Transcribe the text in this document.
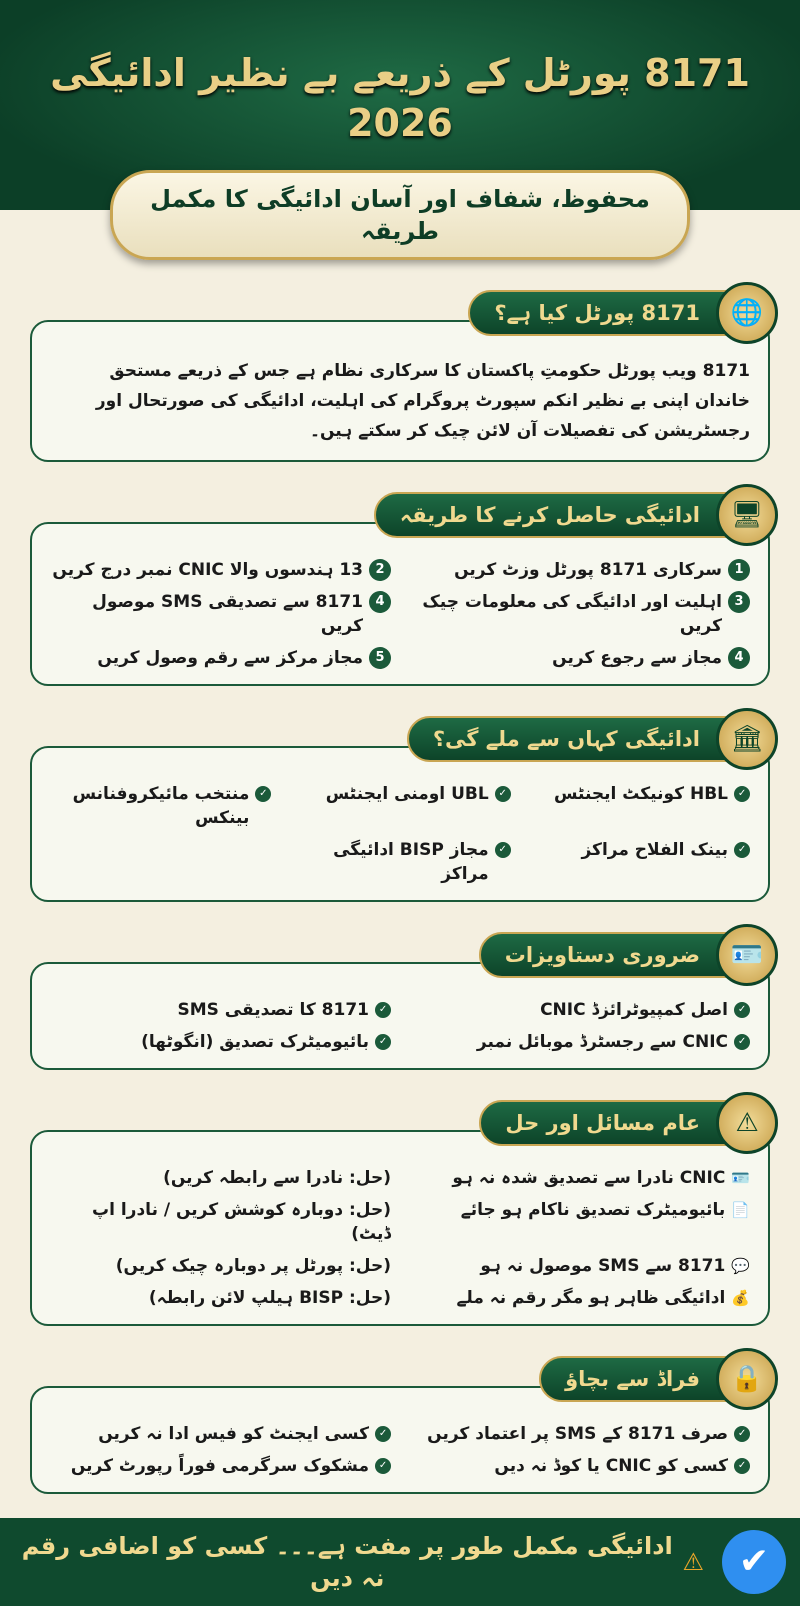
8171 پورٹل کے ذریعے بے نظیر ادائیگی 2026
محفوظ، شفاف اور آسان ادائیگی کا مکمل طریقہ
8171 پورٹل کیا ہے؟	🌐
8171 ویب پورٹل حکومتِ پاکستان کا سرکاری نظام ہے جس کے ذریعے مستحق خاندان اپنی بے نظیر انکم سپورٹ پروگرام کی اہلیت، ادائیگی کی صورتحال اور رجسٹریشن کی تفصیلات آن لائن چیک کر سکتے ہیں۔
ادائیگی حاصل کرنے کا طریقہ	🖥
1
سرکاری 8171 پورٹل وزٹ کریں
2
13 ہندسوں والا CNIC نمبر درج کریں
3
اہلیت اور ادائیگی کی معلومات چیک کریں
4
8171 سے تصدیقی SMS موصول کریں
4
مجاز سے رجوع کریں
5
مجاز مرکز سے رقم وصول کریں
ادائیگی کہاں سے ملے گی؟	🏛
✓
HBL کونیکٹ ایجنٹس
✓
UBL اومنی ایجنٹس
✓
منتخب مائیکروفنانس بینکس
✓
بینک الفلاح مراکز
✓
مجاز BISP ادائیگی مراکز
ضروری دستاویزات	🪪
✓
اصل کمپیوٹرائزڈ CNIC
✓
8171 کا تصدیقی SMS
✓
CNIC سے رجسٹرڈ موبائل نمبر
✓
بائیومیٹرک تصدیق (انگوٹھا)
عام مسائل اور حل	⚠
🪪
CNIC نادرا سے تصدیق شدہ نہ ہو
(حل: نادرا سے رابطہ کریں)
📄
بائیومیٹرک تصدیق ناکام ہو جائے
(حل: دوبارہ کوشش کریں / نادرا اپ ڈیٹ)
💬
8171 سے SMS موصول نہ ہو
(حل: پورٹل پر دوبارہ چیک کریں)
💰
ادائیگی ظاہر ہو مگر رقم نہ ملے
(حل: BISP ہیلپ لائن رابطہ)
فراڈ سے بچاؤ	🔒
✓
صرف 8171 کے SMS پر اعتماد کریں
✓
کسی ایجنٹ کو فیس ادا نہ کریں
✓
کسی کو CNIC یا کوڈ نہ دیں
✓
مشکوک سرگرمی فوراً رپورٹ کریں
⚠
ادائیگی مکمل طور پر مفت ہے۔۔۔ کسی کو اضافی رقم نہ دیں	✔
